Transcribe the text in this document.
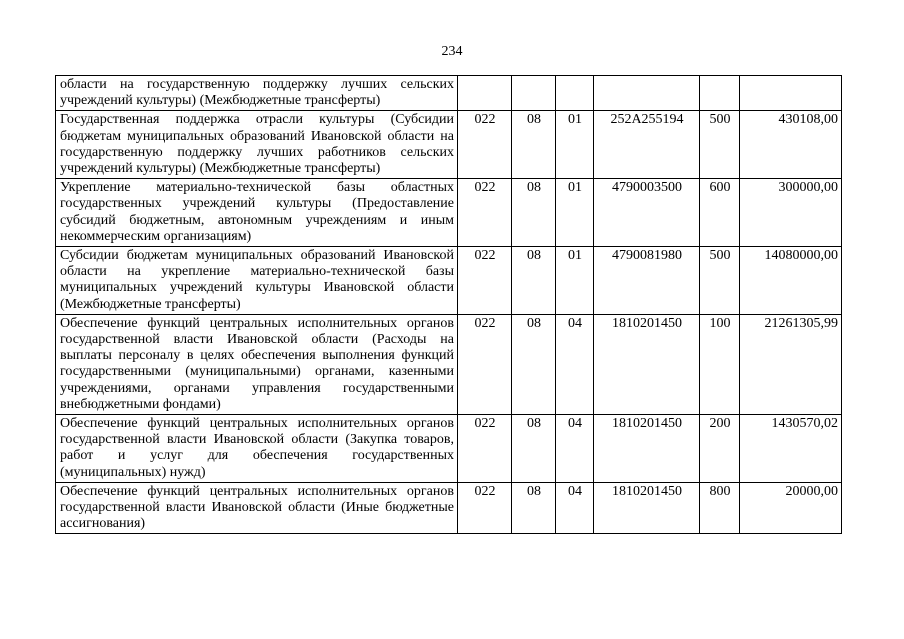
234
области на государственную поддержку лучших сельских учреждений культуры) (Межбюджетные трансферты)						
Государственная поддержка отрасли культуры (Субсидии бюджетам муниципальных образований Ивановской области на государственную поддержку лучших работников сельских учреждений культуры) (Межбюджетные трансферты)	022	08	01	252А255194	500	430108,00
Укрепление материально-технической базы областных государственных учреждений культуры (Предоставление субсидий бюджетным, автономным учреждениям и иным некоммерческим организациям)	022	08	01	4790003500	600	300000,00
Субсидии бюджетам муниципальных образований Ивановской области на укрепление материально-технической базы муниципальных учреждений культуры Ивановской области (Межбюджетные трансферты)	022	08	01	4790081980	500	14080000,00
Обеспечение функций центральных исполнительных органов государственной власти Ивановской области (Расходы на выплаты персоналу в целях обеспечения выполнения функций государственными (муниципальными) органами, казенными учреждениями, органами управления государственными внебюджетными фондами)	022	08	04	1810201450	100	21261305,99
Обеспечение функций центральных исполнительных органов государственной власти Ивановской области (Закупка товаров, работ и услуг для обеспечения государственных (муниципальных) нужд)	022	08	04	1810201450	200	1430570,02
Обеспечение функций центральных исполнительных органов государственной власти Ивановской области (Иные бюджетные ассигнования)	022	08	04	1810201450	800	20000,00
